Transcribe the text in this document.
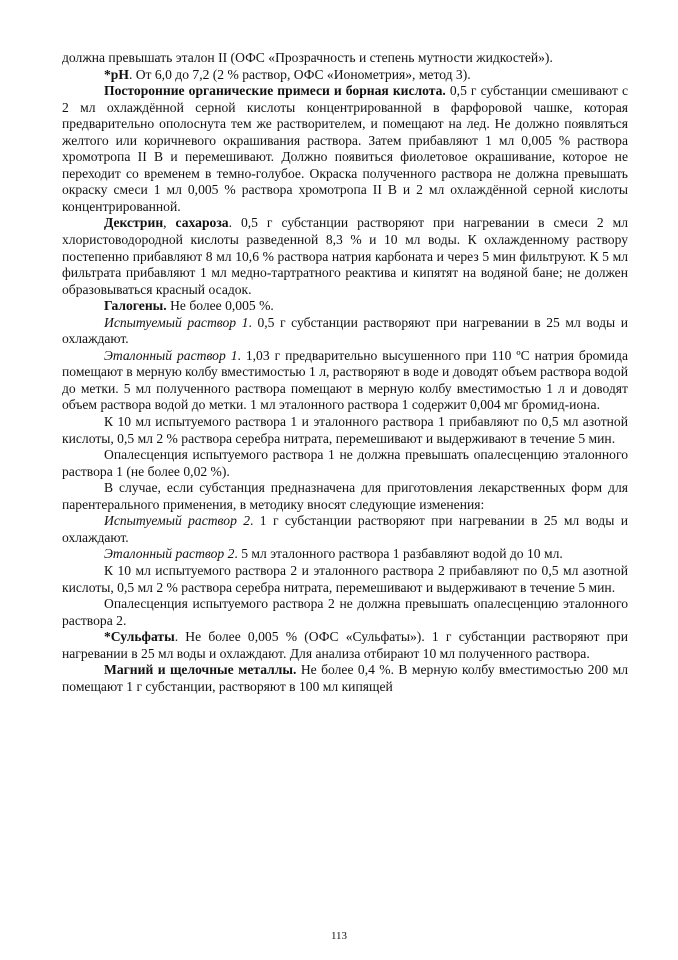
должна превышать эталон II (ОФС «Прозрачность и степень мутности жидкостей»).

*pH. От 6,0 до 7,2 (2 % раствор, ОФС «Ионометрия», метод 3).

Посторонние органические примеси и борная кислота. 0,5 г субстанции смешивают с 2 мл охлаждённой серной кислоты концентрированной в фарфоровой чашке, которая предварительно ополоснута тем же растворителем, и помещают на лед. Не должно появляться желтого или коричневого окрашивания раствора. Затем прибавляют 1 мл 0,005 % раствора хромотропа II B и перемешивают. Должно появиться фиолетовое окрашивание, которое не переходит со временем в темно-голубое. Окраска полученного раствора не должна превышать окраску смеси 1 мл 0,005 % раствора хромотропа II B и 2 мл охлаждённой серной кислоты концентрированной.

Декстрин, сахароза. 0,5 г субстанции растворяют при нагревании в смеси 2 мл хлористоводородной кислоты разведенной 8,3 % и 10 мл воды. К охлажденному раствору постепенно прибавляют 8 мл 10,6 % раствора натрия карбоната и через 5 мин фильтруют. К 5 мл фильтрата прибавляют 1 мл медно-тартратного реактива и кипятят на водяной бане; не должен образовываться красный осадок.

Галогены. Не более 0,005 %.

Испытуемый раствор 1. 0,5 г субстанции растворяют при нагревании в 25 мл воды и охлаждают.

Эталонный раствор 1. 1,03 г предварительно высушенного при 110 ºС натрия бромида помещают в мерную колбу вместимостью 1 л, растворяют в воде и доводят объем раствора водой до метки. 5 мл полученного раствора помещают в мерную колбу вместимостью 1 л и доводят объем раствора водой до метки. 1 мл эталонного раствора 1 содержит 0,004 мг бромид-иона.

К 10 мл испытуемого раствора 1 и эталонного раствора 1 прибавляют по 0,5 мл азотной кислоты, 0,5 мл 2 % раствора серебра нитрата, перемешивают и выдерживают в течение 5 мин.

Опалесценция испытуемого раствора 1 не должна превышать опалесценцию эталонного раствора 1 (не более 0,02 %).

В случае, если субстанция предназначена для приготовления лекарственных форм для парентерального применения, в методику вносят следующие изменения:

Испытуемый раствор 2. 1 г субстанции растворяют при нагревании в 25 мл воды и охлаждают.

Эталонный раствор 2. 5 мл эталонного раствора 1 разбавляют водой до 10 мл.

К 10 мл испытуемого раствора 2 и эталонного раствора 2 прибавляют по 0,5 мл азотной кислоты, 0,5 мл 2 % раствора серебра нитрата, перемешивают и выдерживают в течение 5 мин.

Опалесценция испытуемого раствора 2 не должна превышать опалесценцию эталонного раствора 2.

*Сульфаты. Не более 0,005 % (ОФС «Сульфаты»). 1 г субстанции растворяют при нагревании в 25 мл воды и охлаждают. Для анализа отбирают 10 мл полученного раствора.

Магний и щелочные металлы. Не более 0,4 %. В мерную колбу вместимостью 200 мл помещают 1 г субстанции, растворяют в 100 мл кипящей

113
